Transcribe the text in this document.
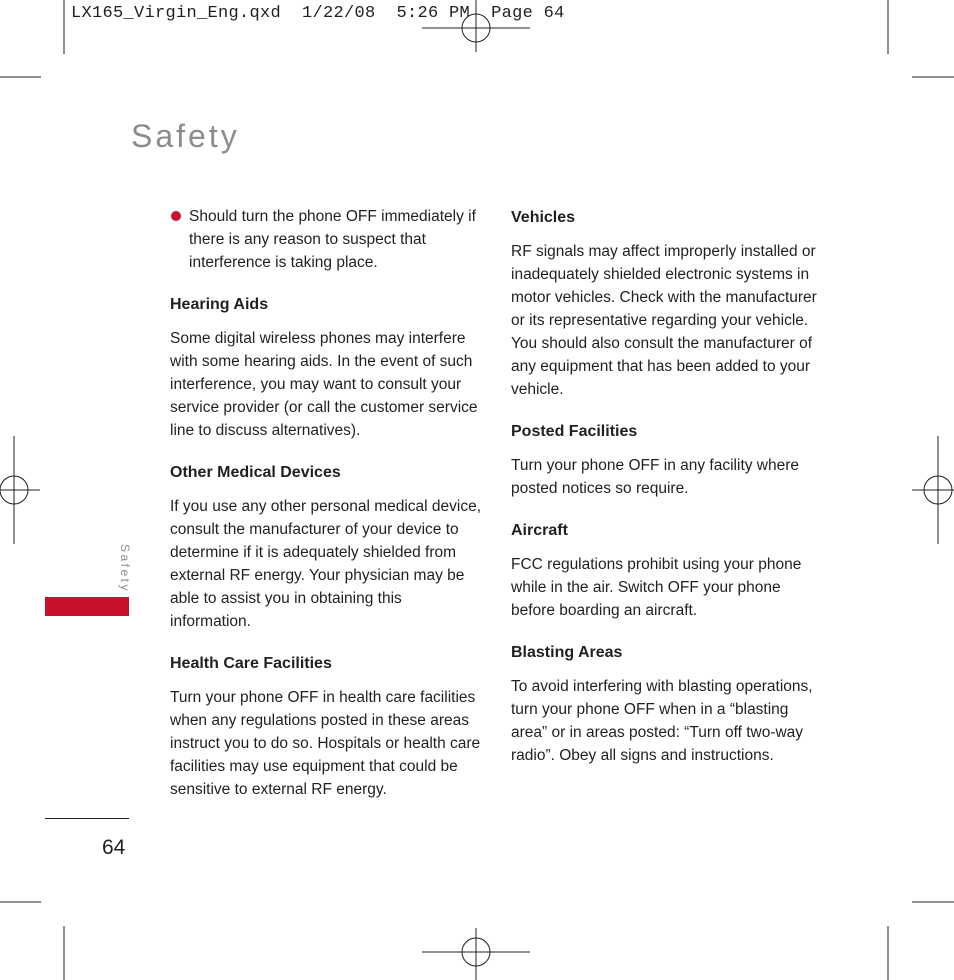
LX165_Virgin_Eng.qxd  1/22/08  5:26 PM  Page 64
Safety
Should turn the phone OFF immediately if there is any reason to suspect that interference is taking place.
Hearing Aids

Some digital wireless phones may interfere with some hearing aids. In the event of such interference, you may want to consult your service provider (or call the customer service line to discuss alternatives).

Other Medical Devices

If you use any other personal medical device, consult the manufacturer of your device to determine if it is adequately shielded from external RF energy. Your physician may be able to assist you in obtaining this information.

Health Care Facilities

Turn your phone OFF in health care facilities when any regulations posted in these areas instruct you to do so. Hospitals or health care facilities may use equipment that could be sensitive to external RF energy.

Vehicles

RF signals may affect improperly installed or inadequately shielded electronic systems in motor vehicles. Check with the manufacturer or its representative regarding your vehicle. You should also consult the manufacturer of any equipment that has been added to your vehicle.

Posted Facilities

Turn your phone OFF in any facility where posted notices so require.

Aircraft

FCC regulations prohibit using your phone while in the air. Switch OFF your phone before boarding an aircraft.

Blasting Areas

To avoid interfering with blasting operations, turn your phone OFF when in a “blasting area” or in areas posted: “Turn off two-way radio”. Obey all signs and instructions.

Safety
64
